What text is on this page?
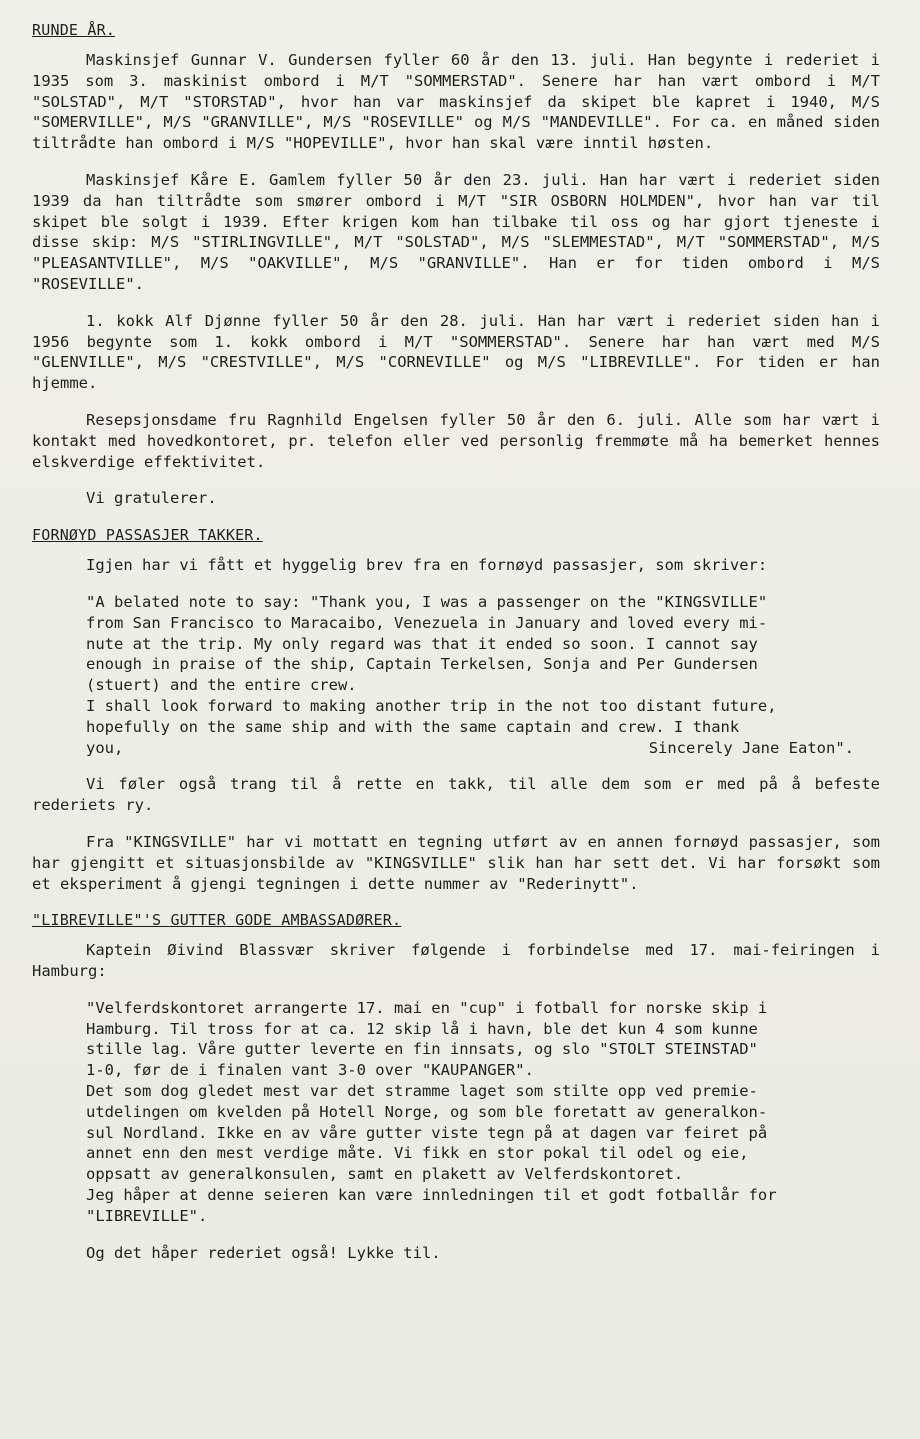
RUNDE ÅR.

Maskinsjef Gunnar V. Gundersen fyller 60 år den 13. juli. Han begynte i rederiet i 1935 som 3. maskinist ombord i M/T "SOMMERSTAD". Senere har han vært ombord i M/T "SOLSTAD", M/T "STORSTAD", hvor han var maskinsjef da skipet ble kapret i 1940, M/S "SOMERVILLE", M/S "GRANVILLE", M/S "ROSEVILLE" og M/S "MANDEVILLE". For ca. en måned siden tiltrådte han ombord i M/S "HOPEVILLE", hvor han skal være inntil høsten.

Maskinsjef Kåre E. Gamlem fyller 50 år den 23. juli. Han har vært i rederiet siden 1939 da han tiltrådte som smører ombord i M/T "SIR OSBORN HOLMDEN", hvor han var til skipet ble solgt i 1939. Efter krigen kom han tilbake til oss og har gjort tjeneste i disse skip: M/S "STIRLINGVILLE", M/T "SOLSTAD", M/S "SLEMMESTAD", M/T "SOMMERSTAD", M/S "PLEASANTVILLE", M/S "OAKVILLE", M/S "GRANVILLE". Han er for tiden ombord i M/S "ROSEVILLE".

1. kokk Alf Djønne fyller 50 år den 28. juli. Han har vært i rederiet siden han i 1956 begynte som 1. kokk ombord i M/T "SOMMERSTAD". Senere har han vært med M/S "GLENVILLE", M/S "CRESTVILLE", M/S "CORNEVILLE" og M/S "LIBREVILLE". For tiden er han hjemme.

Resepsjonsdame fru Ragnhild Engelsen fyller 50 år den 6. juli. Alle som har vært i kontakt med hovedkontoret, pr. telefon eller ved personlig fremmøte må ha bemerket hennes elskverdige effektivitet.

Vi gratulerer.

FORNØYD PASSASJER TAKKER.

Igjen har vi fått et hyggelig brev fra en fornøyd passasjer, som skriver:

"A belated note to say: "Thank you, I was a passenger on the "KINGSVILLE"
from San Francisco to Maracaibo, Venezuela in January and loved every mi-
nute at the trip. My only regard was that it ended so soon. I cannot say
enough in praise of the ship, Captain Terkelsen, Sonja and Per Gundersen
(stuert) and the entire crew.
I shall look forward to making another trip in the not too distant future,
hopefully on the same ship and with the same captain and crew. I thank
you,	Sincerely Jane Eaton".

Vi føler også trang til å rette en takk, til alle dem som er med på å befeste rederiets ry.

Fra "KINGSVILLE" har vi mottatt en tegning utført av en annen fornøyd passasjer, som har gjengitt et situasjonsbilde av "KINGSVILLE" slik han har sett det. Vi har forsøkt som et eksperiment å gjengi tegningen i dette nummer av "Rederinytt".

"LIBREVILLE"'S GUTTER GODE AMBASSADØRER.

Kaptein Øivind Blassvær skriver følgende i forbindelse med 17. mai-feiringen i Hamburg:

"Velferdskontoret arrangerte 17. mai en "cup" i fotball for norske skip i
Hamburg. Til tross for at ca. 12 skip lå i havn, ble det kun 4 som kunne
stille lag. Våre gutter leverte en fin innsats, og slo "STOLT STEINSTAD"
1-0, før de i finalen vant 3-0 over "KAUPANGER".
Det som dog gledet mest var det stramme laget som stilte opp ved premie-
utdelingen om kvelden på Hotell Norge, og som ble foretatt av generalkon-
sul Nordland. Ikke en av våre gutter viste tegn på at dagen var feiret på
annet enn den mest verdige måte. Vi fikk en stor pokal til odel og eie,
oppsatt av generalkonsulen, samt en plakett av Velferdskontoret.
Jeg håper at denne seieren kan være innledningen til et godt fotballår for
"LIBREVILLE".

Og det håper rederiet også! Lykke til.
